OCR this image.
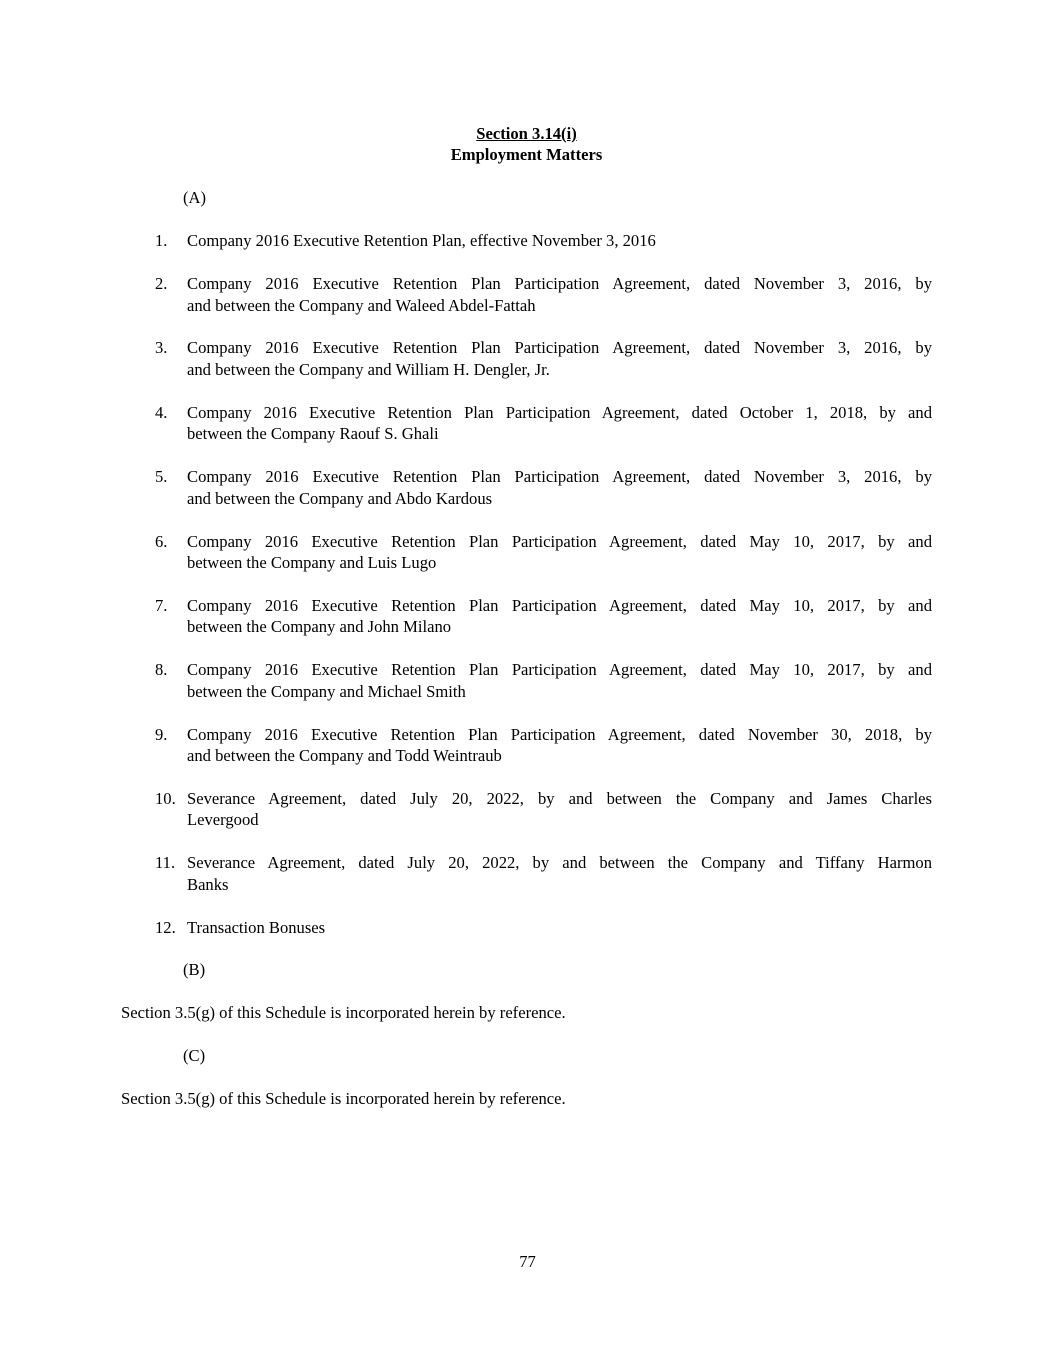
Section 3.14(i)
Employment Matters

(A)

1. Company 2016 Executive Retention Plan, effective November 3, 2016
2. Company 2016 Executive Retention Plan Participation Agreement, dated November 3, 2016, by
and between the Company and Waleed Abdel-Fattah
3. Company 2016 Executive Retention Plan Participation Agreement, dated November 3, 2016, by
and between the Company and William H. Dengler, Jr.
4. Company 2016 Executive Retention Plan Participation Agreement, dated October 1, 2018, by and
between the Company Raouf S. Ghali
5. Company 2016 Executive Retention Plan Participation Agreement, dated November 3, 2016, by
and between the Company and Abdo Kardous
6. Company 2016 Executive Retention Plan Participation Agreement, dated May 10, 2017, by and
between the Company and Luis Lugo
7. Company 2016 Executive Retention Plan Participation Agreement, dated May 10, 2017, by and
between the Company and John Milano
8. Company 2016 Executive Retention Plan Participation Agreement, dated May 10, 2017, by and
between the Company and Michael Smith
9. Company 2016 Executive Retention Plan Participation Agreement, dated November 30, 2018, by
and between the Company and Todd Weintraub
10. Severance Agreement, dated July 20, 2022, by and between the Company and James Charles
Levergood
11. Severance Agreement, dated July 20, 2022, by and between the Company and Tiffany Harmon
Banks
12. Transaction Bonuses

(B)

Section 3.5(g) of this Schedule is incorporated herein by reference.

(C)

Section 3.5(g) of this Schedule is incorporated herein by reference.

77
